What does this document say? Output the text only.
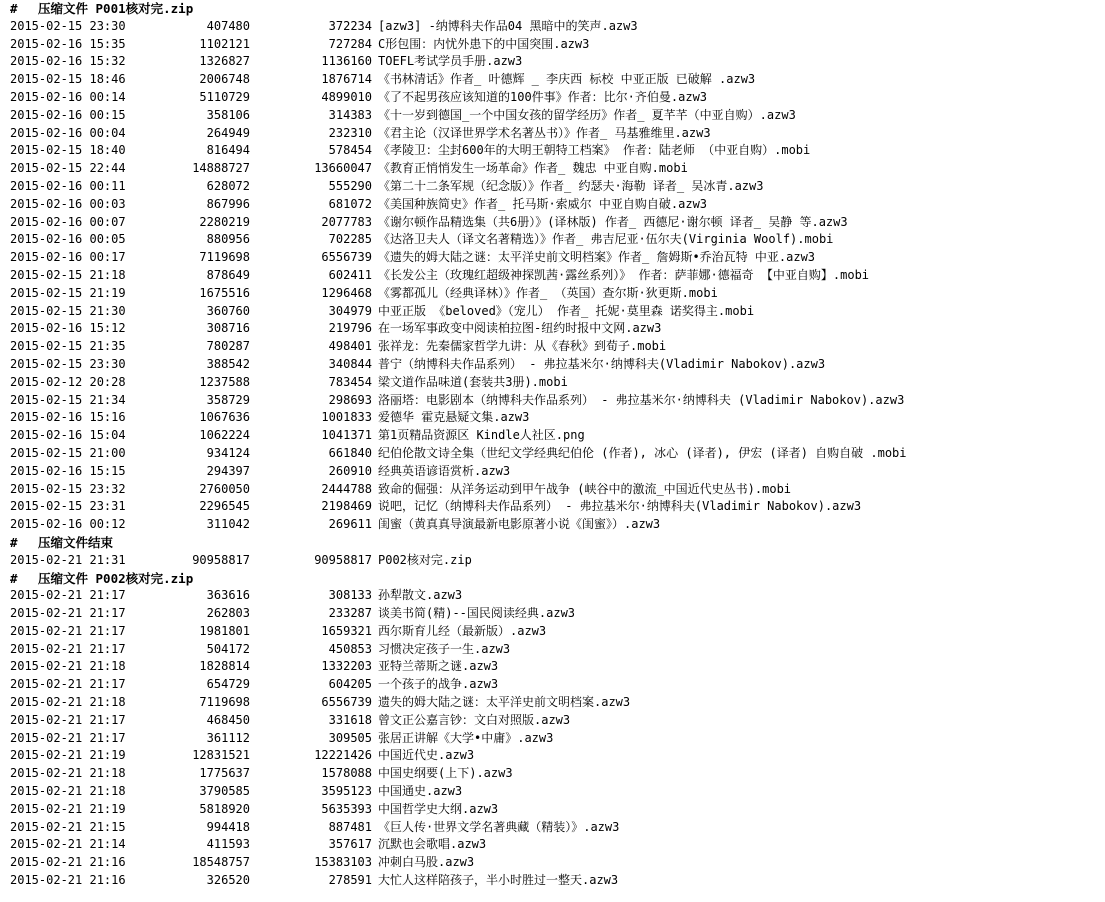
# 压缩文件 P001核对完.zip
2015-02-15 23:30	407480	372234 [azw3] -纳博科夫作品04 黑暗中的笑声.azw3
2015-02-16 15:35	1102121	727284 C形包围：内忧外患下的中国突围.azw3
2015-02-16 15:32	1326827	1136160 TOEFL考试学员手册.azw3
2015-02-15 18:46	2006748	1876714 《书林清话》作者_ 叶德辉 _ 李庆西 标校 中亚正版 已破解 .azw3
2015-02-16 00:14	5110729	4899010 《了不起男孩应该知道的100件事》作者：比尔·齐伯曼.azw3
2015-02-16 00:15	358106	314383 《十一岁到德国_一个中国女孩的留学经历》作者_ 夏芊芊（中亚自购）.azw3
2015-02-16 00:04	264949	232310 《君主论（汉译世界学术名著丛书）》作者_ 马基雅维里.azw3
2015-02-15 18:40	816494	578454 《孝陵卫：尘封600年的大明王朝特工档案》 作者：陆老师 （中亚自购）.mobi
2015-02-15 22:44	14888727	13660047 《教育正悄悄发生一场革命》作者_ 魏忠 中亚自购.mobi
2015-02-16 00:11	628072	555290 《第二十二条军规（纪念版）》作者_ 约瑟夫·海勒 译者_ 吴冰青.azw3
2015-02-16 00:03	867996	681072 《美国种族简史》作者_ 托马斯·索威尔 中亚自购自破.azw3
2015-02-16 00:07	2280219	2077783 《谢尔顿作品精选集（共6册）》(译林版) 作者_ 西德尼·谢尔顿 译者_ 吴静 等.azw3
2015-02-16 00:05	880956	702285 《达洛卫夫人（译文名著精选）》作者_ 弗吉尼亚·伍尔夫(Virginia Woolf).mobi
2015-02-16 00:17	7119698	6556739 《遗失的姆大陆之谜：太平洋史前文明档案》作者_ 詹姆斯•乔治瓦特 中亚.azw3
2015-02-15 21:18	878649	602411 《长发公主（玫瑰红超级神探凯茜·露丝系列）》 作者：萨菲娜·德福奇 【中亚自购】.mobi
2015-02-15 21:19	1675516	1296468 《雾都孤儿（经典译林）》作者_ （英国）查尔斯·狄更斯.mobi
2015-02-15 21:30	360760	304979 中亚正版 《beloved》（宠儿） 作者_ 托妮·莫里森 诺奖得主.mobi
2015-02-16 15:12	308716	219796 在一场军事政变中阅读柏拉图-纽约时报中文网.azw3
2015-02-15 21:35	780287	498401 张祥龙：先秦儒家哲学九讲：从《春秋》到荀子.mobi
2015-02-15 23:30	388542	340844 普宁（纳博科夫作品系列） - 弗拉基米尔·纳博科夫(Vladimir Nabokov).azw3
2015-02-12 20:28	1237588	783454 梁文道作品味道(套装共3册).mobi
2015-02-15 21:34	358729	298693 洛丽塔：电影剧本（纳博科夫作品系列） - 弗拉基米尔·纳博科夫 (Vladimir Nabokov).azw3
2015-02-16 15:16	1067636	1001833 爱德华 霍克悬疑文集.azw3
2015-02-16 15:04	1062224	1041371 第1页精品资源区 Kindle人社区.png
2015-02-15 21:00	934124	661840 纪伯伦散文诗全集（世纪文学经典纪伯伦 (作者), 冰心 (译者), 伊宏 (译者) 自购自破 .mobi
2015-02-16 15:15	294397	260910 经典英语谚语赏析.azw3
2015-02-15 23:32	2760050	2444788 致命的倔强：从洋务运动到甲午战争 (峡谷中的激流_中国近代史丛书).mobi
2015-02-15 23:31	2296545	2198469 说吧，记忆（纳博科夫作品系列） - 弗拉基米尔·纳博科夫(Vladimir Nabokov).azw3
2015-02-16 00:12	311042	269611 闺蜜（黄真真导演最新电影原著小说《闺蜜》）.azw3
# 压缩文件结束
2015-02-21 21:31	90958817	90958817 P002核对完.zip
# 压缩文件 P002核对完.zip
2015-02-21 21:17	363616	308133 孙犁散文.azw3
2015-02-21 21:17	262803	233287 谈美书简(精)--国民阅读经典.azw3
2015-02-21 21:17	1981801	1659321 西尔斯育儿经（最新版）.azw3
2015-02-21 21:17	504172	450853 习惯决定孩子一生.azw3
2015-02-21 21:18	1828814	1332203 亚特兰蒂斯之谜.azw3
2015-02-21 21:17	654729	604205 一个孩子的战争.azw3
2015-02-21 21:18	7119698	6556739 遗失的姆大陆之谜：太平洋史前文明档案.azw3
2015-02-21 21:17	468450	331618 曾文正公嘉言钞：文白对照版.azw3
2015-02-21 21:17	361112	309505 张居正讲解《大学•中庸》.azw3
2015-02-21 21:19	12831521	12221426 中国近代史.azw3
2015-02-21 21:18	1775637	1578088 中国史纲要(上下).azw3
2015-02-21 21:18	3790585	3595123 中国通史.azw3
2015-02-21 21:19	5818920	5635393 中国哲学史大纲.azw3
2015-02-21 21:15	994418	887481 《巨人传·世界文学名著典藏（精装）》.azw3
2015-02-21 21:14	411593	357617 沉默也会歌唱.azw3
2015-02-21 21:16	18548757	15383103 冲刺白马股.azw3
2015-02-21 21:16	326520	278591 大忙人这样陪孩子，半小时胜过一整天.azw3
